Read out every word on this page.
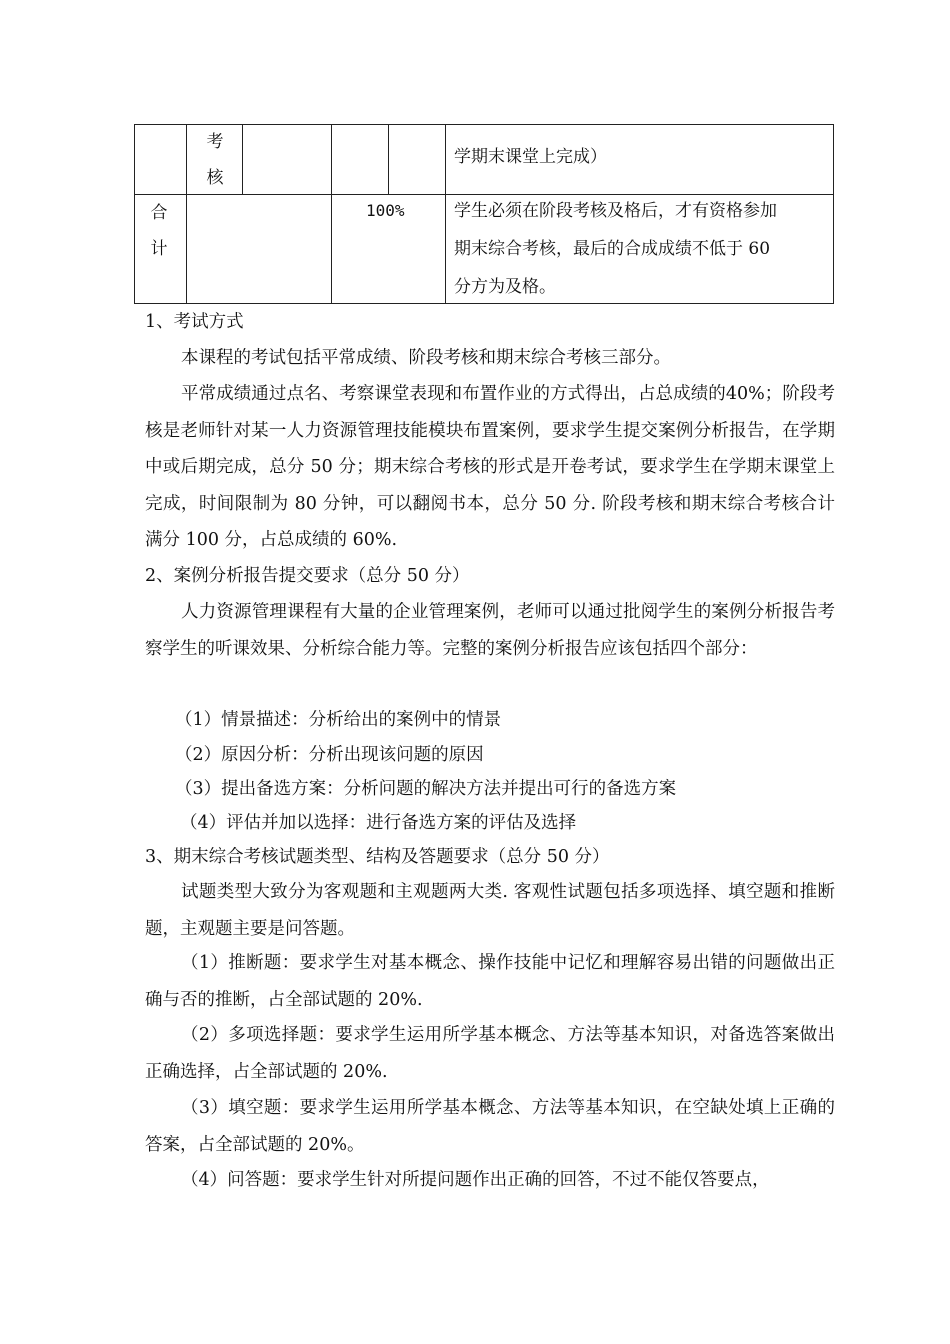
考
核
学期末课堂上完成）
合
计
100%	学生必须在阶段考核及格后，才有资格参加
期末综合考核，最后的合成成绩不低于 60
分方为及格。
1、考试方式
本课程的考试包括平常成绩、阶段考核和期末综合考核三部分。
平常成绩通过点名、考察课堂表现和布置作业的方式得出，占总成绩的40%；阶段考核是老师针对某一人力资源管理技能模块布置案例，要求学生提交案例分析报告，在学期中或后期完成，总分 50 分；期末综合考核的形式是开卷考试，要求学生在学期末课堂上完成，时间限制为 80 分钟，可以翻阅书本，总分 50 分. 阶段考核和期末综合考核合计满分 100 分，占总成绩的 60%.
2、案例分析报告提交要求（总分 50 分）
人力资源管理课程有大量的企业管理案例，老师可以通过批阅学生的案例分析报告考察学生的听课效果、分析综合能力等。完整的案例分析报告应该包括四个部分：
（1）情景描述：分析给出的案例中的情景
（2）原因分析：分析出现该问题的原因
（3）提出备选方案：分析问题的解决方法并提出可行的备选方案
（4）评估并加以选择：进行备选方案的评估及选择
3、期末综合考核试题类型、结构及答题要求（总分 50 分）
试题类型大致分为客观题和主观题两大类. 客观性试题包括多项选择、填空题和推断题，主观题主要是问答题。
（1）推断题：要求学生对基本概念、操作技能中记忆和理解容易出错的问题做出正确与否的推断，占全部试题的 20%.
（2）多项选择题：要求学生运用所学基本概念、方法等基本知识，对备选答案做出正确选择，占全部试题的 20%.
（3）填空题：要求学生运用所学基本概念、方法等基本知识，在空缺处填上正确的答案，占全部试题的 20%。
（4）问答题：要求学生针对所提问题作出正确的回答，不过不能仅答要点，
